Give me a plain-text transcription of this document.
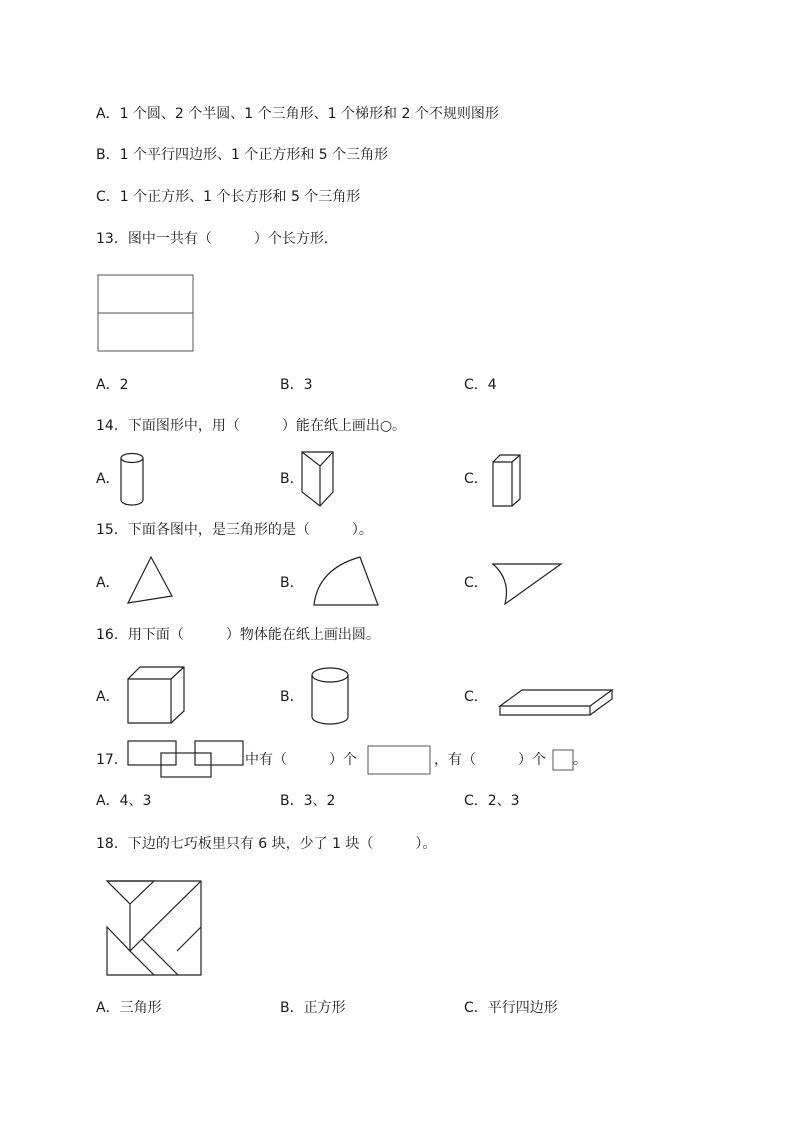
A．1 个圆、2 个半圆、1 个三角形、1 个梯形和 2 个不规则图形
B．1 个平行四边形、1 个正方形和 5 个三角形
C．1 个正方形、1 个长方形和 5 个三角形
13．图中一共有（　　　）个长方形．
A．2	B．3	C．4
14．下面图形中，用（　　　）能在纸上画出○。
A．	B．	C．
15．下面各图中，是三角形的是（　　　）。
A．	B．	C．
16．用下面（　　　）物体能在纸上画出圆。
A．	B．	C．
17．	中有（　　　）个	，有（　　　）个 。
A．4、3	B．3、2	C．2、3
18．下边的七巧板里只有 6 块，少了 1 块（　　　）。
A．三角形	B．正方形	C．平行四边形
